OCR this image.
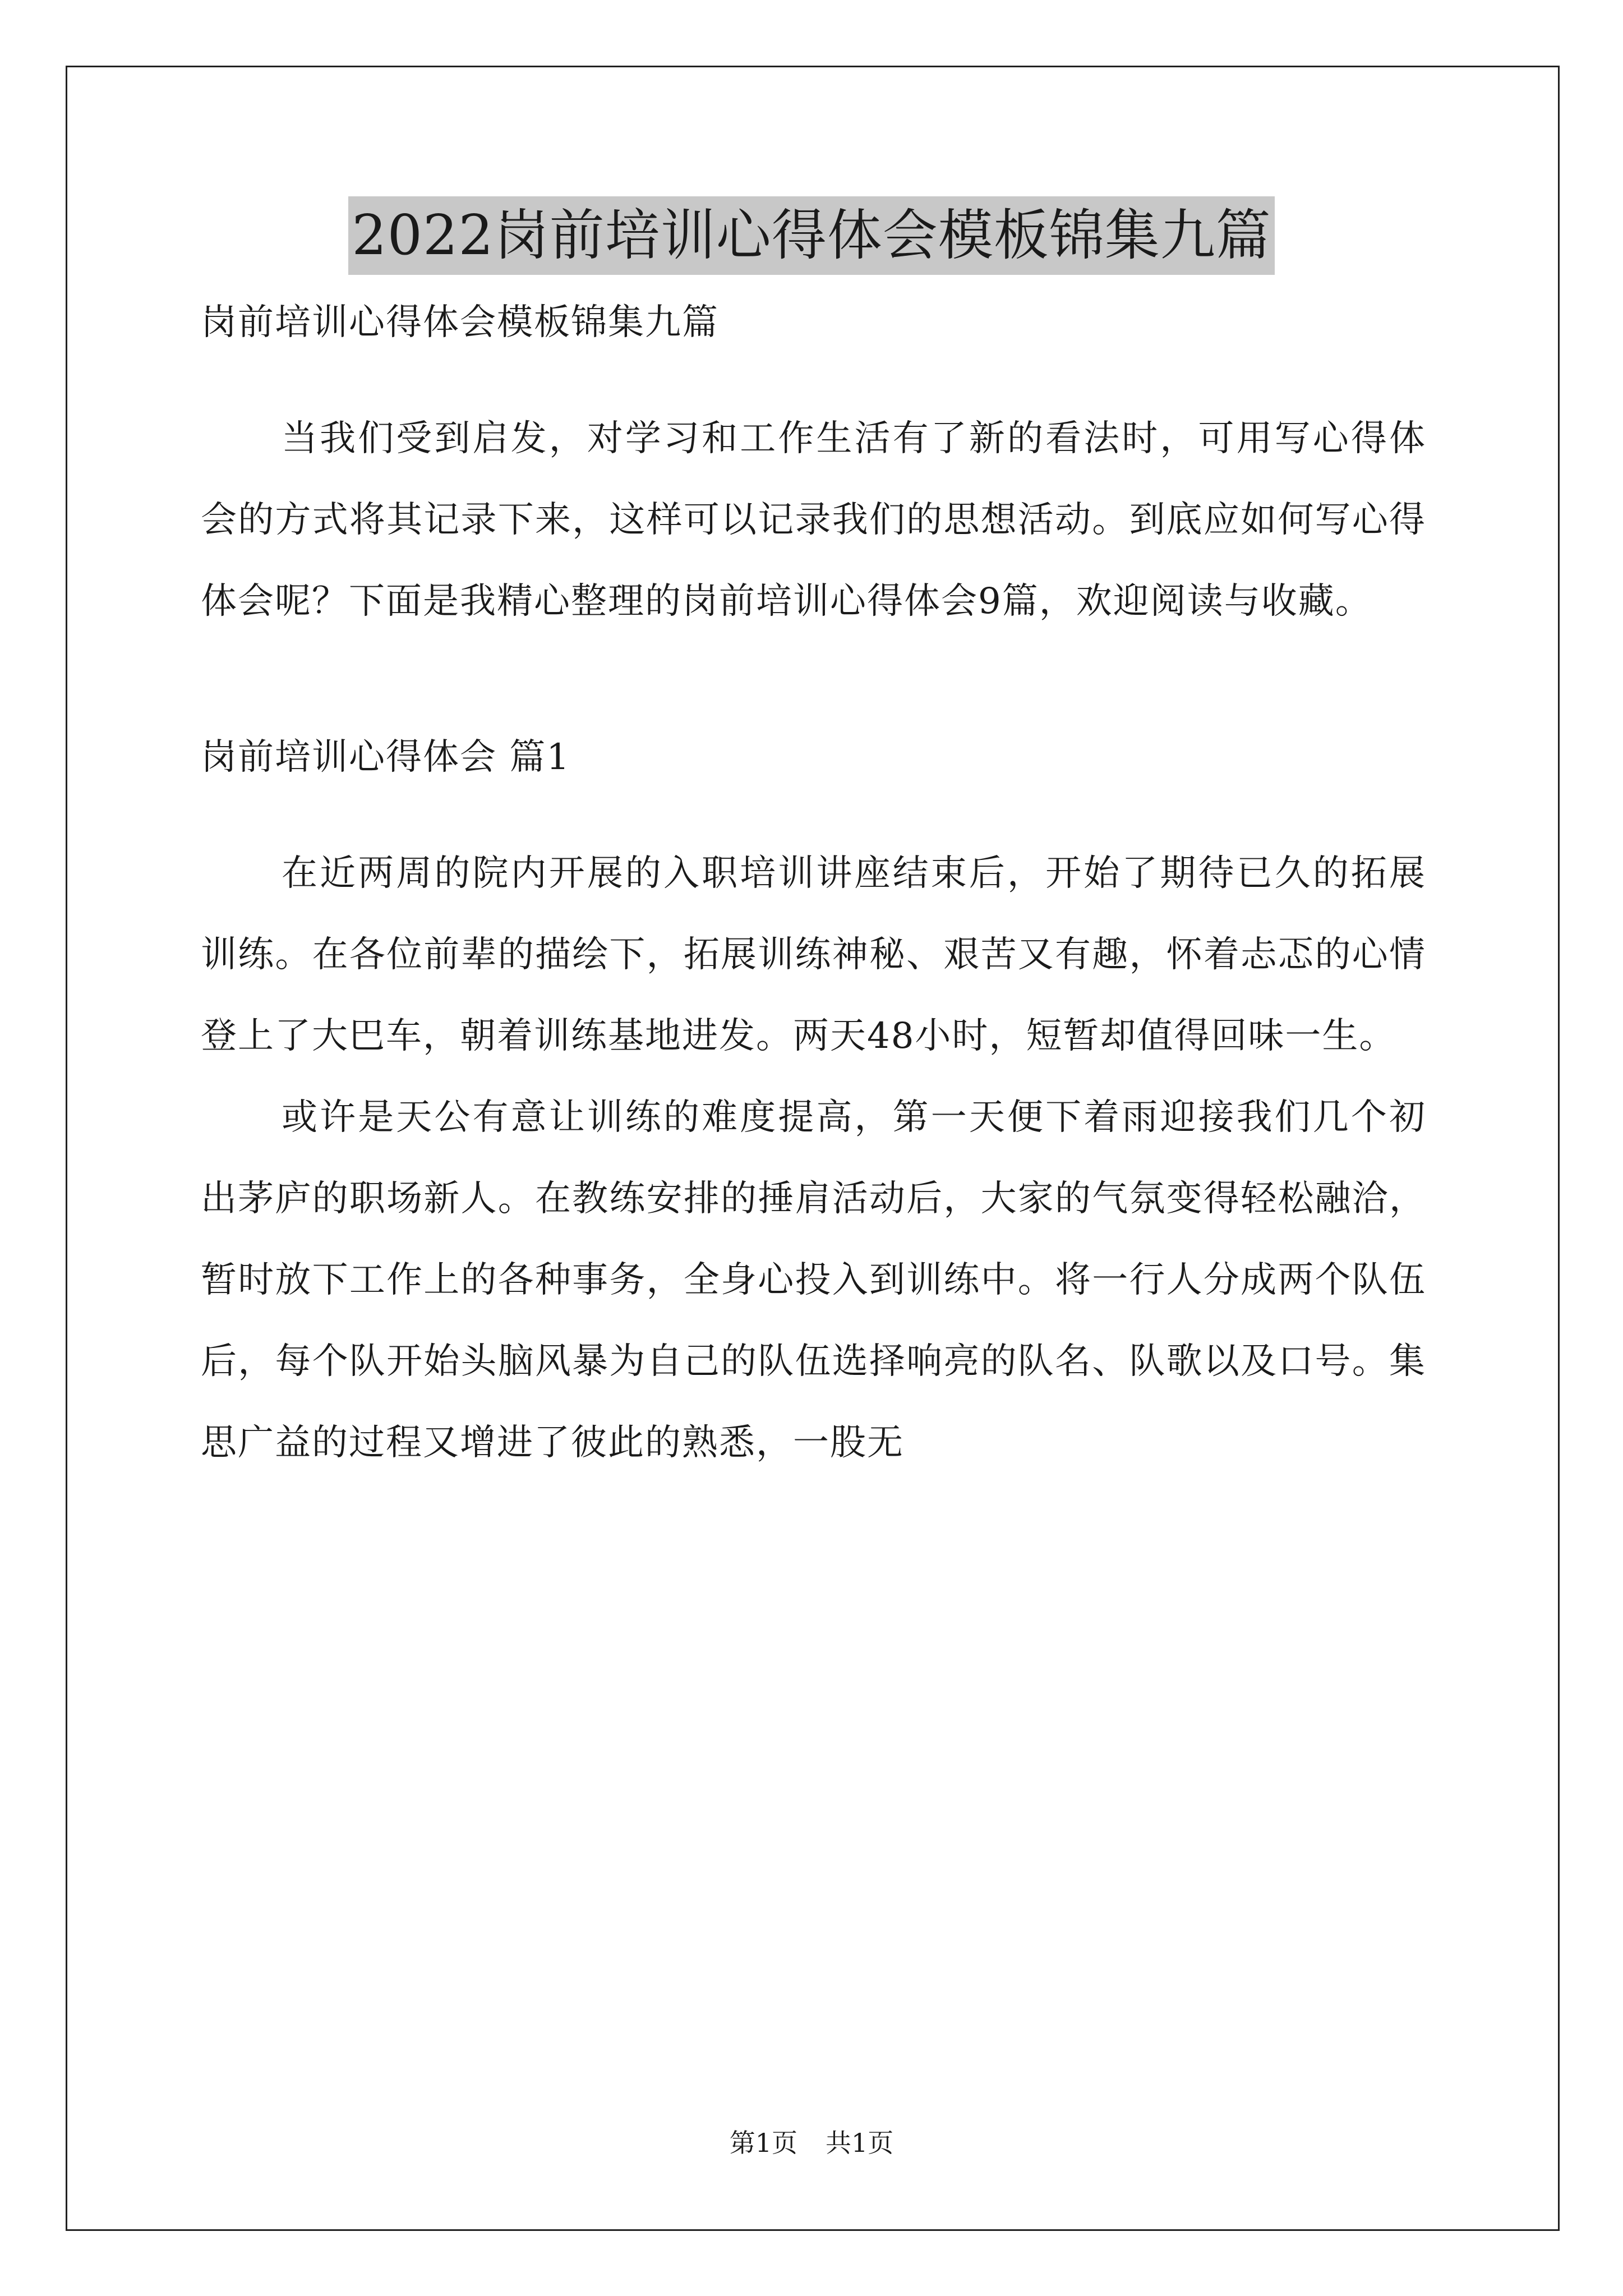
2022岗前培训心得体会模板锦集九篇

岗前培训心得体会模板锦集九篇

当我们受到启发，对学习和工作生活有了新的看法时，可用写心得体会的方式将其记录下来，这样可以记录我们的思想活动。到底应如何写心得体会呢？下面是我精心整理的岗前培训心得体会9篇，欢迎阅读与收藏。

岗前培训心得体会 篇1

在近两周的院内开展的入职培训讲座结束后，开始了期待已久的拓展训练。在各位前辈的描绘下，拓展训练神秘、艰苦又有趣，怀着忐忑的心情登上了大巴车，朝着训练基地进发。两天48小时，短暂却值得回味一生。

或许是天公有意让训练的难度提高，第一天便下着雨迎接我们几个初出茅庐的职场新人。在教练安排的捶肩活动后，大家的气氛变得轻松融洽，暂时放下工作上的各种事务，全身心投入到训练中。将一行人分成两个队伍后，每个队开始头脑风暴为自己的队伍选择响亮的队名、队歌以及口号。集思广益的过程又增进了彼此的熟悉，一股无

第1页 共1页
